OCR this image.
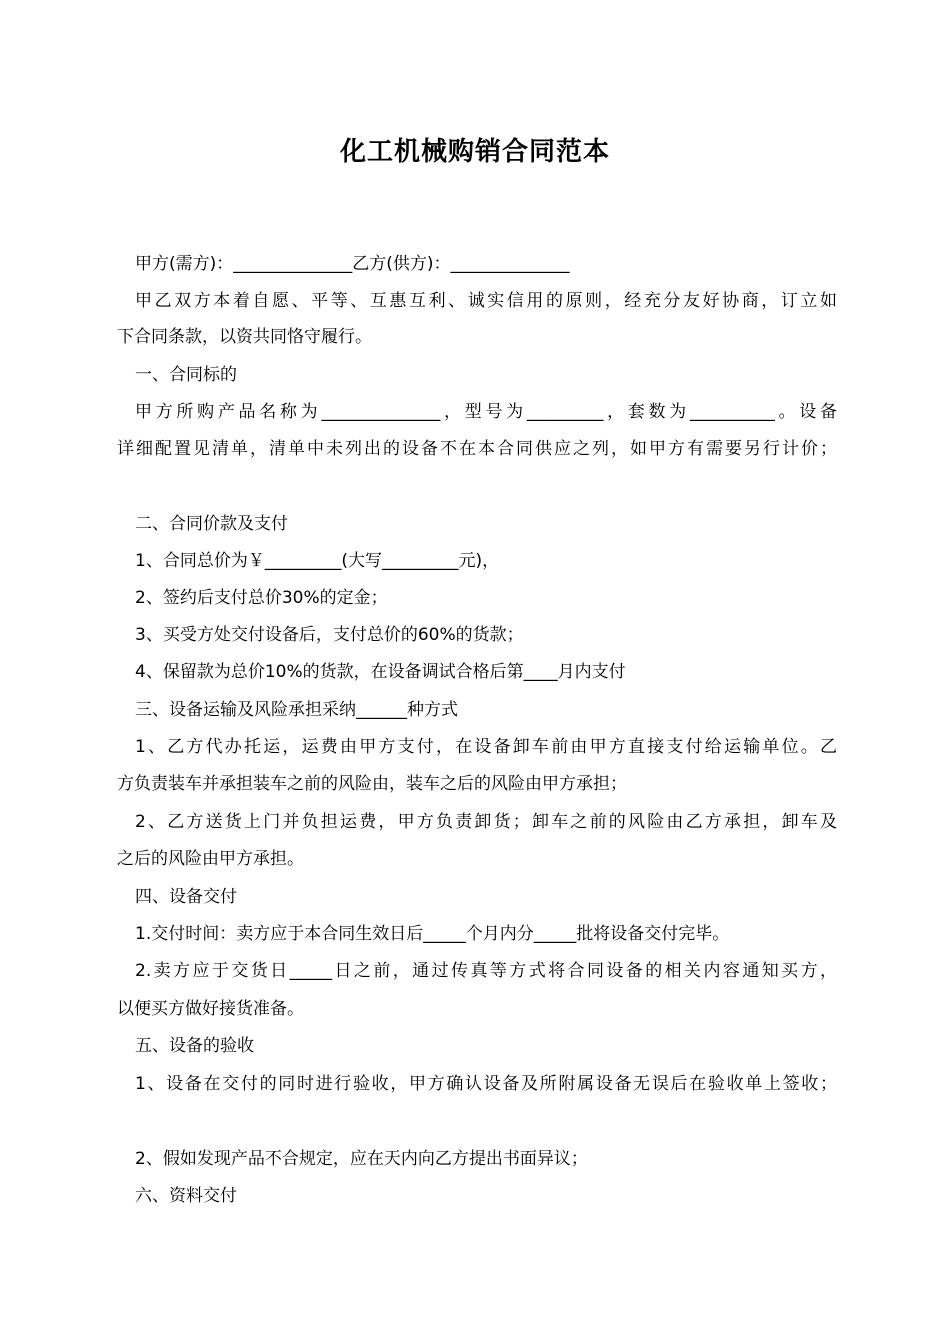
化工机械购销合同范本
甲方(需方)：______________乙方(供方)：______________
甲乙双方本着自愿、平等、互惠互利、诚实信用的原则，经充分友好协商，订立如
下合同条款，以资共同恪守履行。
一、合同标的
甲方所购产品名称为______________，型号为_________，套数为__________。设备
详细配置见清单，清单中未列出的设备不在本合同供应之列，如甲方有需要另行计价；
二、合同价款及支付
1、合同总价为￥_________(大写_________元)，
2、签约后支付总价30%的定金；
3、买受方处交付设备后，支付总价的60%的货款；
4、保留款为总价10%的货款，在设备调试合格后第____月内支付
三、设备运输及风险承担采纳______种方式
1、乙方代办托运，运费由甲方支付，在设备卸车前由甲方直接支付给运输单位。乙
方负责装车并承担装车之前的风险由，装车之后的风险由甲方承担；
2、乙方送货上门并负担运费，甲方负责卸货；卸车之前的风险由乙方承担，卸车及
之后的风险由甲方承担。
四、设备交付
1.交付时间：卖方应于本合同生效日后_____个月内分_____批将设备交付完毕。
2.卖方应于交货日_____日之前，通过传真等方式将合同设备的相关内容通知买方，
以便买方做好接货准备。
五、设备的验收
1、设备在交付的同时进行验收，甲方确认设备及所附属设备无误后在验收单上签收；
2、假如发现产品不合规定，应在天内向乙方提出书面异议；
六、资料交付
